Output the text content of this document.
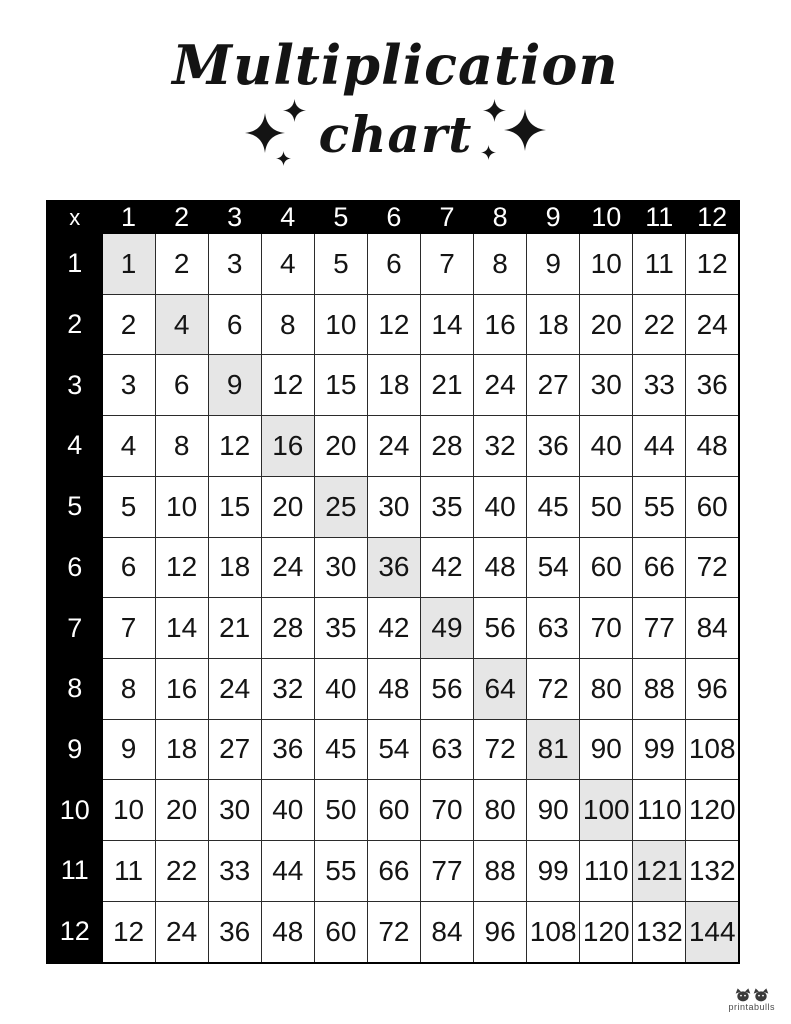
Multiplication
chart
x	1	2	3	4	5	6	7	8	9	10	11	12
1	1	2	3	4	5	6	7	8	9	10	11	12
2	2	4	6	8	10	12	14	16	18	20	22	24
3	3	6	9	12	15	18	21	24	27	30	33	36
4	4	8	12	16	20	24	28	32	36	40	44	48
5	5	10	15	20	25	30	35	40	45	50	55	60
6	6	12	18	24	30	36	42	48	54	60	66	72
7	7	14	21	28	35	42	49	56	63	70	77	84
8	8	16	24	32	40	48	56	64	72	80	88	96
9	9	18	27	36	45	54	63	72	81	90	99	108
10	10	20	30	40	50	60	70	80	90	100	110	120
11	11	22	33	44	55	66	77	88	99	110	121	132
12	12	24	36	48	60	72	84	96	108	120	132	144
printabulls
